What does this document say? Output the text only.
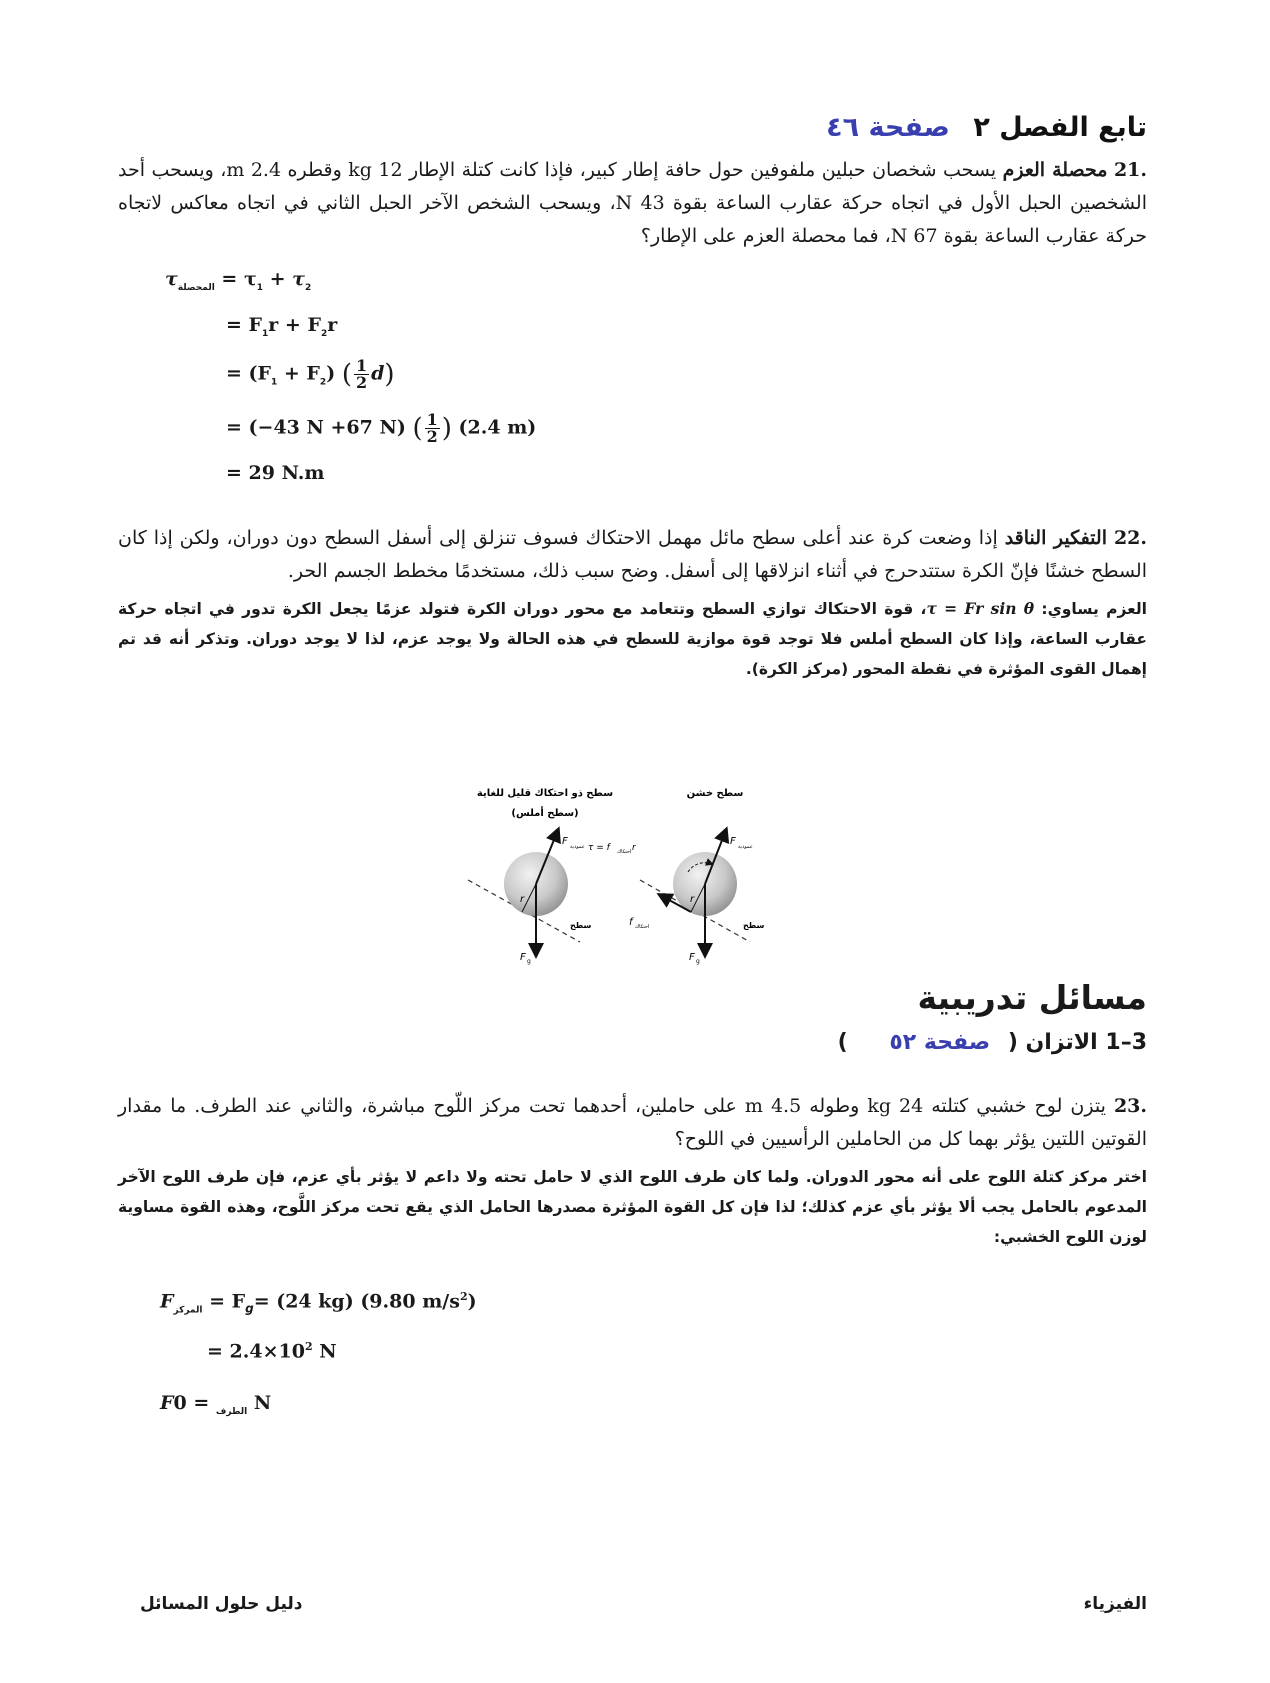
تابع الفصل ٢ صفحة ٤٦
21. محصلة العزم يسحب شخصان حبلين ملفوفين حول حافة إطار كبير، فإذا كانت كتلة الإطار 12 kg وقطره 2.4 m، ويسحب أحد الشخصين الحبل الأول في اتجاه حركة عقارب الساعة بقوة 43 N، ويسحب الشخص الآخر الحبل الثاني في اتجاه معاكس لاتجاه حركة عقارب الساعة بقوة 67 N، فما محصلة العزم على الإطار؟
$\tau_{المحصلة} = \tau_1 + \tau_2$
= $F_1r + F_2r$
= $(F_1 + F_2)$ ( $\frac{1}{2} d$)
= (−43 N +67 N) ( $\frac{1}{2}$ ) (2.4 m)
= 29 N.m
22. التفكير الناقد إذا وضعت كرة عند أعلى سطح مائل مهمل الاحتكاك فسوف تنزلق إلى أسفل السطح دون دوران، ولكن إذا كان السطح خشنًا فإنّ الكرة ستتدحرج في أثناء انزلاقها إلى أسفل. وضح سبب ذلك، مستخدمًا مخطط الجسم الحر.
العزم يساوي: τ = Fr sin θ، قوة الاحتكاك توازي السطح وتتعامد مع محور دوران الكرة فتولد عزمًا يجعل الكرة تدور في اتجاه حركة عقارب الساعة، وإذا كان السطح أملس فلا توجد قوة موازية للسطح في هذه الحالة ولا يوجد عزم، لذا لا يوجد دوران. وتذكر أنه قد تم إهمال القوى المؤثرة في نقطة المحور (مركز الكرة).
سطح ذو احتكاك قليل للغاية
(سطح أملس)
سطح خشن
r
F عمودية
F g
سطح
τ = f	احتكاك r
r
F عمودية
f احتكاك
F g
سطح
مسائل تدريبية
3–1 الاتزان ( صفحة ٥٢ )
23. يتزن لوح خشبي كتلته 24 kg وطوله 4.5 m على حاملين، أحدهما تحت مركز اللّوح مباشرة، والثاني عند الطرف. ما مقدار القوتين اللتين يؤثر بهما كل من الحاملين الرأسيين في اللوح؟
اختر مركز كتلة اللوح على أنه محور الدوران. ولما كان طرف اللوح الذي لا حامل تحته ولا داعم لا يؤثر بأي عزم، فإن طرف اللوح الآخر المدعوم بالحامل يجب ألا يؤثر بأي عزم كذلك؛ لذا فإن كل القوة المؤثرة مصدرها الحامل الذي يقع تحت مركز اللَّوح، وهذه القوة مساوية لوزن اللوح الخشبي:
$F_{المركز} = F_g= (24$ kg) (9.80 $m/s^2$)
= $2.4\times 10^2$ N
F	$_{الطرف}$ = 0 N
الفيزياء
دليل حلول المسائل
